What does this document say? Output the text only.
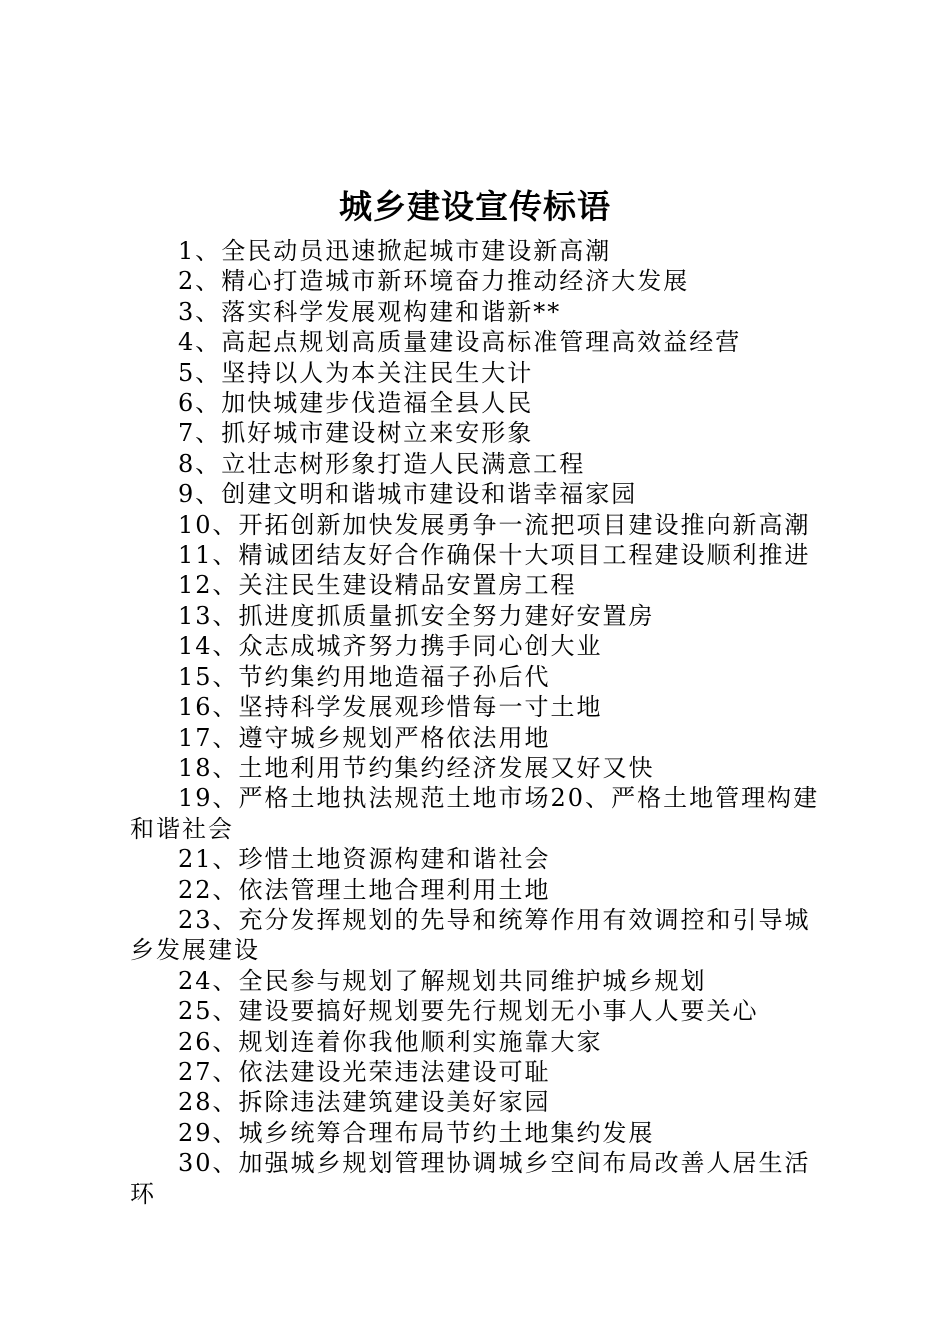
城乡建设宣传标语

1、全民动员迅速掀起城市建设新高潮

2、精心打造城市新环境奋力推动经济大发展

3、落实科学发展观构建和谐新**

4、高起点规划高质量建设高标准管理高效益经营

5、坚持以人为本关注民生大计

6、加快城建步伐造福全县人民

7、抓好城市建设树立来安形象

8、立壮志树形象打造人民满意工程

9、创建文明和谐城市建设和谐幸福家园

10、开拓创新加快发展勇争一流把项目建设推向新高潮

11、精诚团结友好合作确保十大项目工程建设顺利推进

12、关注民生建设精品安置房工程

13、抓进度抓质量抓安全努力建好安置房

14、众志成城齐努力携手同心创大业

15、节约集约用地造福子孙后代

16、坚持科学发展观珍惜每一寸土地

17、遵守城乡规划严格依法用地

18、土地利用节约集约经济发展又好又快

19、严格土地执法规范土地市场20、严格土地管理构建和谐社会

21、珍惜土地资源构建和谐社会

22、依法管理土地合理利用土地

23、充分发挥规划的先导和统筹作用有效调控和引导城乡发展建设

24、全民参与规划了解规划共同维护城乡规划

25、建设要搞好规划要先行规划无小事人人要关心

26、规划连着你我他顺利实施靠大家

27、依法建设光荣违法建设可耻

28、拆除违法建筑建设美好家园

29、城乡统筹合理布局节约土地集约发展

30、加强城乡规划管理协调城乡空间布局改善人居生活环
